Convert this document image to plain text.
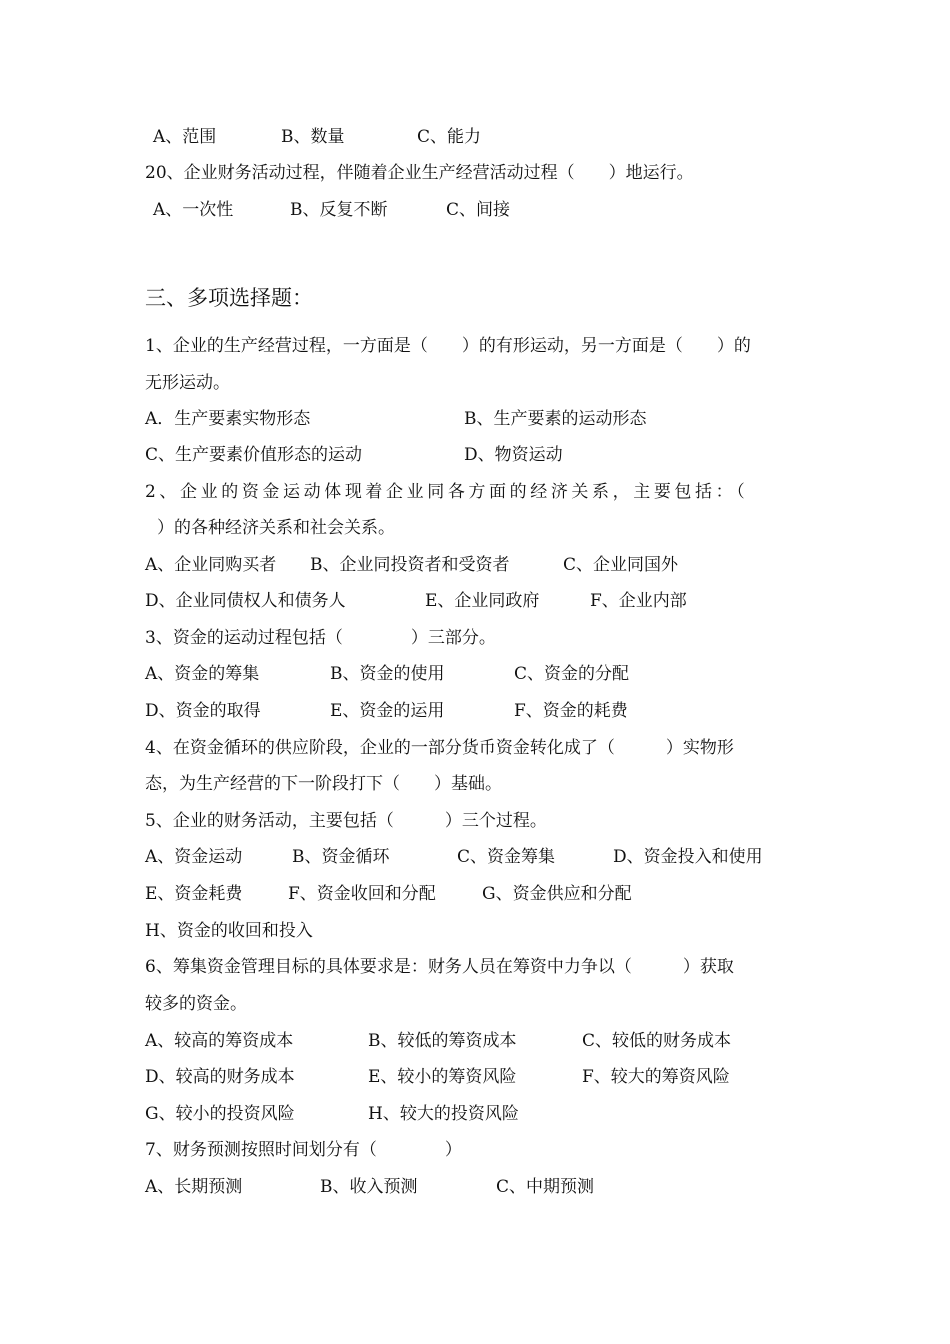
A、范围	B、数量	C、能力
20、企业财务活动过程，伴随着企业生产经营活动过程（　　）地运行。
A、一次性	B、反复不断	C、间接
三、多项选择题：
1、企业的生产经营过程，一方面是（　　）的有形运动，另一方面是（　　）的
无形运动。
A．生产要素实物形态	B、生产要素的运动形态
C、生产要素价值形态的运动	D、物资运动
2、企业的资金运动体现着企业同各方面的经济关系，主要包括：（
）的各种经济关系和社会关系。
A、企业同购买者 B、企业同投资者和受资者	C、企业同国外
D、企业同债权人和债务人	E、企业同政府	F、企业内部
3、资金的运动过程包括（　　　　）三部分。
A、资金的筹集	B、资金的使用	C、资金的分配
D、资金的取得	E、资金的运用	F、资金的耗费
4、在资金循环的供应阶段，企业的一部分货币资金转化成了（　　　）实物形
态，为生产经营的下一阶段打下（　　）基础。
5、企业的财务活动，主要包括（　　　）三个过程。
A、资金运动	B、资金循环	C、资金筹集	D、资金投入和使用
E、资金耗费	F、资金收回和分配	G、资金供应和分配
H、资金的收回和投入
6、筹集资金管理目标的具体要求是：财务人员在筹资中力争以（　　　）获取
较多的资金。
A、较高的筹资成本	B、较低的筹资成本	C、较低的财务成本
D、较高的财务成本	E、较小的筹资风险	F、较大的筹资风险
G、较小的投资风险	H、较大的投资风险
7、财务预测按照时间划分有（　　　　）
A、长期预测	B、收入预测	C、中期预测
